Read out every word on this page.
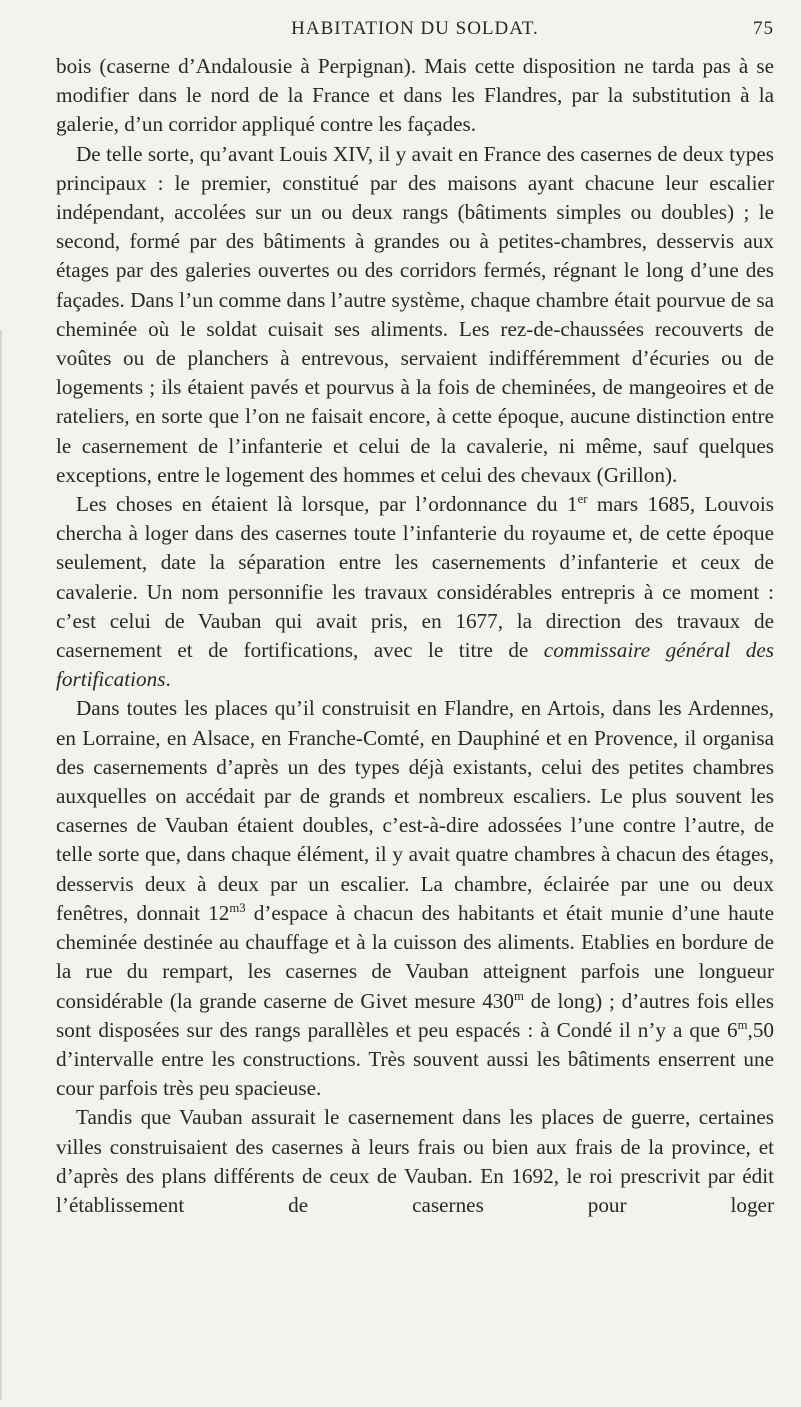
HABITATION DU SOLDAT.	75

bois (caserne d’Andalousie à Perpignan). Mais cette disposition ne tarda pas à se modifier dans le nord de la France et dans les Flandres, par la substitution à la galerie, d’un corridor appliqué contre les façades.

De telle sorte, qu’avant Louis XIV, il y avait en France des casernes de deux types principaux : le premier, constitué par des maisons ayant chacune leur escalier indépendant, accolées sur un ou deux rangs (bâtiments simples ou doubles) ; le second, formé par des bâtiments à grandes ou à petites-chambres, desservis aux étages par des galeries ouvertes ou des corridors fermés, régnant le long d’une des façades. Dans l’un comme dans l’autre système, chaque chambre était pourvue de sa cheminée où le soldat cuisait ses aliments. Les rez-de-chaussées recouverts de voûtes ou de planchers à entrevous, servaient indifféremment d’écuries ou de logements ; ils étaient pavés et pourvus à la fois de cheminées, de mangeoires et de rateliers, en sorte que l’on ne faisait encore, à cette époque, aucune distinction entre le casernement de l’infanterie et celui de la cavalerie, ni même, sauf quelques exceptions, entre le logement des hommes et celui des chevaux (Grillon).

Les choses en étaient là lorsque, par l’ordonnance du 1er mars 1685, Louvois chercha à loger dans des casernes toute l’infanterie du royaume et, de cette époque seulement, date la séparation entre les casernements d’infanterie et ceux de cavalerie. Un nom personnifie les travaux considérables entrepris à ce moment : c’est celui de Vauban qui avait pris, en 1677, la direction des travaux de casernement et de fortifications, avec le titre de commissaire général des fortifications.

Dans toutes les places qu’il construisit en Flandre, en Artois, dans les Ardennes, en Lorraine, en Alsace, en Franche-Comté, en Dauphiné et en Provence, il organisa des casernements d’après un des types déjà existants, celui des petites chambres auxquelles on accédait par de grands et nombreux escaliers. Le plus souvent les casernes de Vauban étaient doubles, c’est-à-dire adossées l’une contre l’autre, de telle sorte que, dans chaque élément, il y avait quatre chambres à chacun des étages, desservis deux à deux par un escalier. La chambre, éclairée par une ou deux fenêtres, donnait $12^{m3}$ d’espace à chacun des habitants et était munie d’une haute cheminée destinée au chauffage et à la cuisson des aliments. Etablies en bordure de la rue du rempart, les casernes de Vauban atteignent parfois une longueur considérable (la grande caserne de Givet mesure 430$^m$ de long) ; d’autres fois elles sont disposées sur des rangs parallèles et peu espacés : à Condé il n’y a que 6$^m$,50 d’intervalle entre les constructions. Très souvent aussi les bâtiments enserrent une cour parfois très peu spacieuse.

Tandis que Vauban assurait le casernement dans les places de guerre, certaines villes construisaient des casernes à leurs frais ou bien aux frais de la province, et d’après des plans différents de ceux de Vauban. En 1692, le roi prescrivit par édit l’établissement de casernes pour loger
